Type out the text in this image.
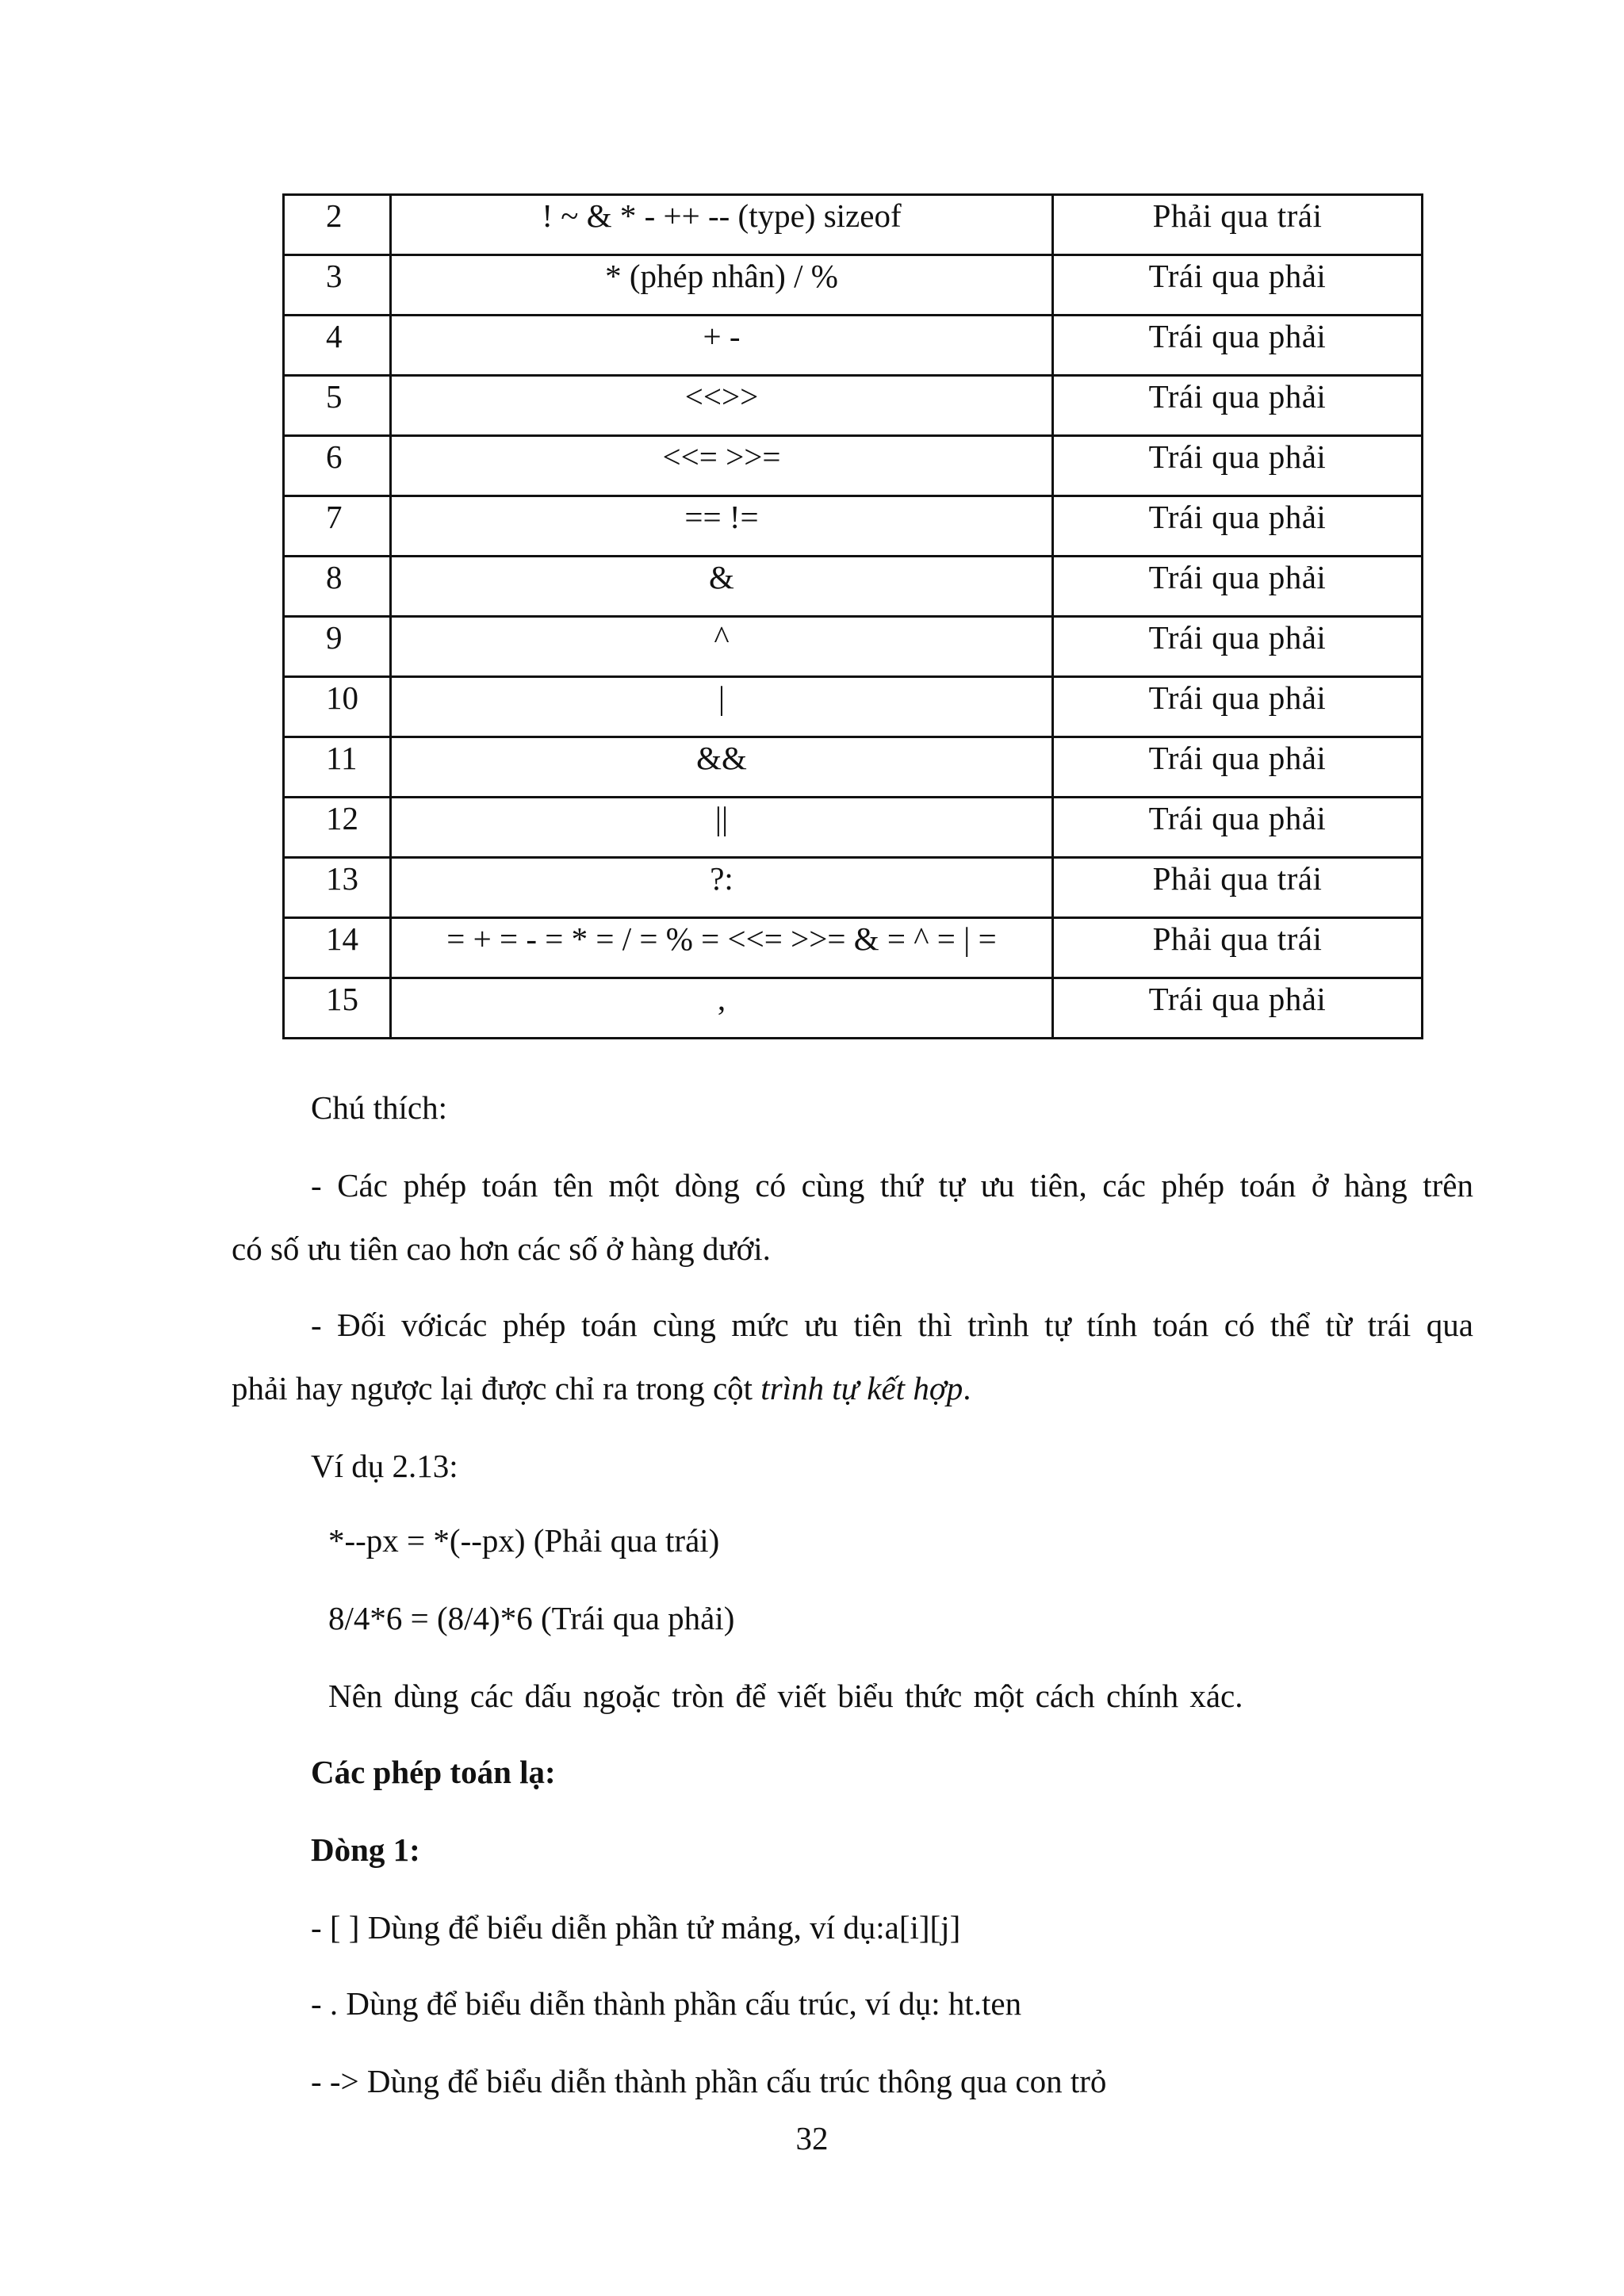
2	! ~ & * - ++ -- (type) sizeof	Phải qua trái
3	* (phép nhân) / %	Trái qua phải
4	+ -	Trái qua phải
5	<<>>	Trái qua phải
6	<<= >>=	Trái qua phải
7	== !=	Trái qua phải
8	&	Trái qua phải
9	^	Trái qua phải
10	|	Trái qua phải
11	&&	Trái qua phải
12	||	Trái qua phải
13	?:	Phải qua trái
14	= + = - = * = / = % = <<= >>= & = ^ = | =	Phải qua trái
15	,	Trái qua phải

Chú thích:

- Các phép toán tên một dòng có cùng thứ tự ưu tiên, các phép toán ở hàng trên

có số ưu tiên cao hơn các số ở hàng dưới.

- Đối vớicác phép toán cùng mức ưu tiên thì trình tự tính toán có thể từ trái qua

phải hay ngược lại được chỉ ra trong cột trình tự kết hợp.

Ví dụ 2.13:

*--px = *(--px) (Phải qua trái)

8/4*6 = (8/4)*6 (Trái qua phải)

Nên dùng các dấu ngoặc tròn để viết biểu thức một cách chính xác.

Các phép toán lạ:

Dòng 1:

- [ ] Dùng để biểu diễn phần tử mảng, ví dụ:a[i][j]

- . Dùng để biểu diễn thành phần cấu trúc, ví dụ: ht.ten

- -> Dùng để biểu diễn thành phần cấu trúc thông qua con trỏ

32
